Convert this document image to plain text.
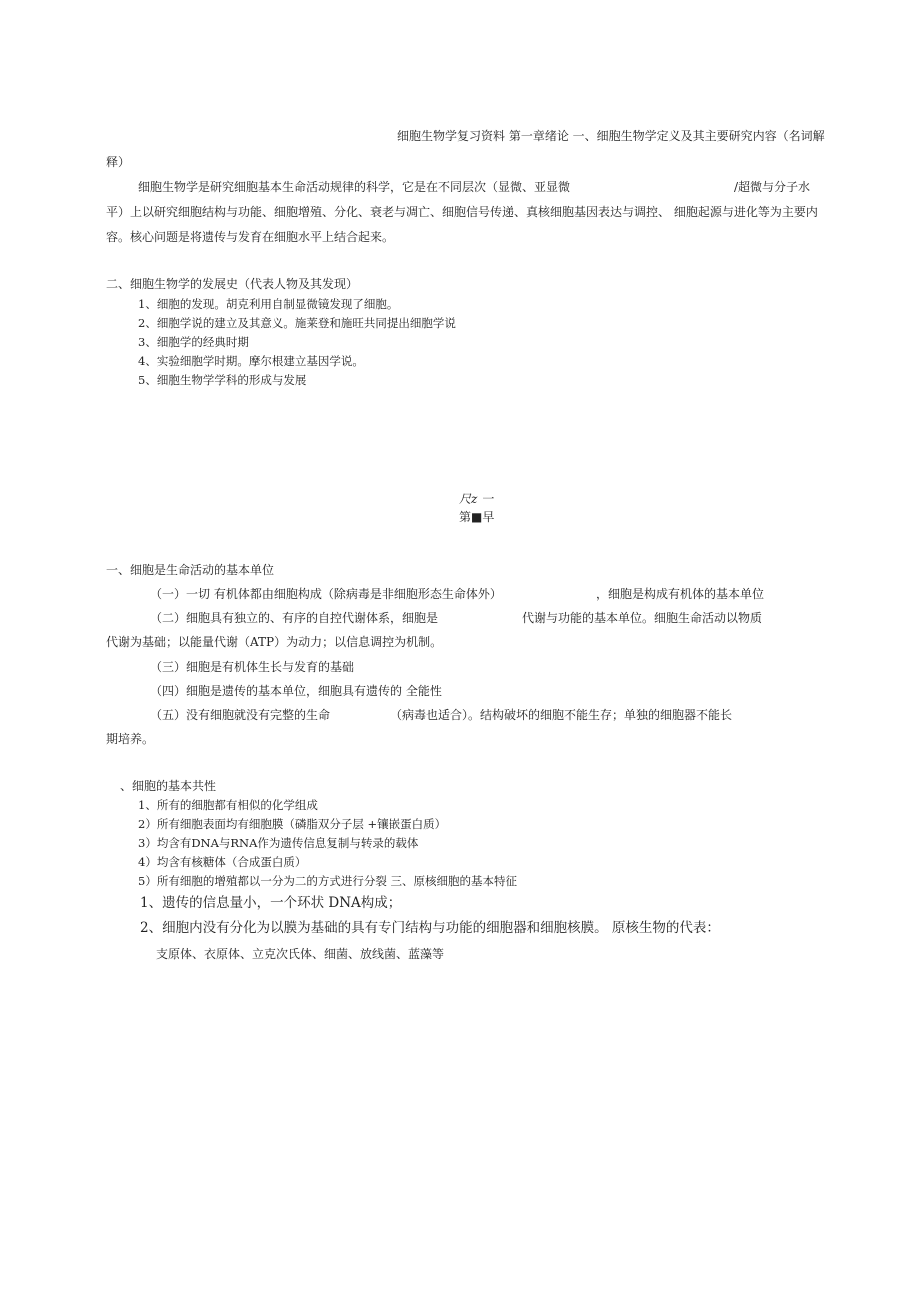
细胞生物学复习资料 第一章绪论 一、细胞生物学定义及其主要研究内容（名词解
释）
细胞生物学是研究细胞基本生命活动规律的科学，它是在不同层次（显微、亚显微	/超微与分子水
平）上以研究细胞结构与功能、细胞增殖、分化、衰老与凋亡、细胞信号传递、真核细胞基因表达与调控、 细胞起源与进化等为主要内
容。核心问题是将遗传与发育在细胞水平上结合起来。
二、细胞生物学的发展史（代表人物及其发现）
1、细胞的发现。胡克利用自制显微镜发现了细胞。
2、细胞学说的建立及其意义。施莱登和施旺共同提出细胞学说
3、细胞学的经典时期
4、实验细胞学时期。摩尔根建立基因学说。
5、细胞生物学学科的形成与发展
尺z 一
第■早
一、细胞是生命活动的基本单位
（一）一切 有机体都由细胞构成（除病毒是非细胞形态生命体外）	，细胞是构成有机体的基本单位
（二）细胞具有独立的、有序的自控代谢体系，细胞是	代谢与功能的基本单位。细胞生命活动以物质
代谢为基础；以能量代谢（ATP）为动力；以信息调控为机制。
（三）细胞是有机体生长与发育的基础
（四）细胞是遗传的基本单位，细胞具有遗传的 全能性
（五）没有细胞就没有完整的生命	（病毒也适合）。结构破坏的细胞不能生存；单独的细胞器不能长
期培养。
、细胞的基本共性
1、所有的细胞都有相似的化学组成
2）所有细胞表面均有细胞膜（磷脂双分子层 +镶嵌蛋白质）
3）均含有DNA与RNA作为遗传信息复制与转录的载体
4）均含有核糖体（合成蛋白质）
5）所有细胞的增殖都以一分为二的方式进行分裂 三、原核细胞的基本特征
1、遗传的信息量小，一个环状 DNA构成；
2、细胞内没有分化为以膜为基础的具有专门结构与功能的细胞器和细胞核膜。 原核生物的代表：
支原体、衣原体、立克次氏体、细菌、放线菌、蓝藻等
